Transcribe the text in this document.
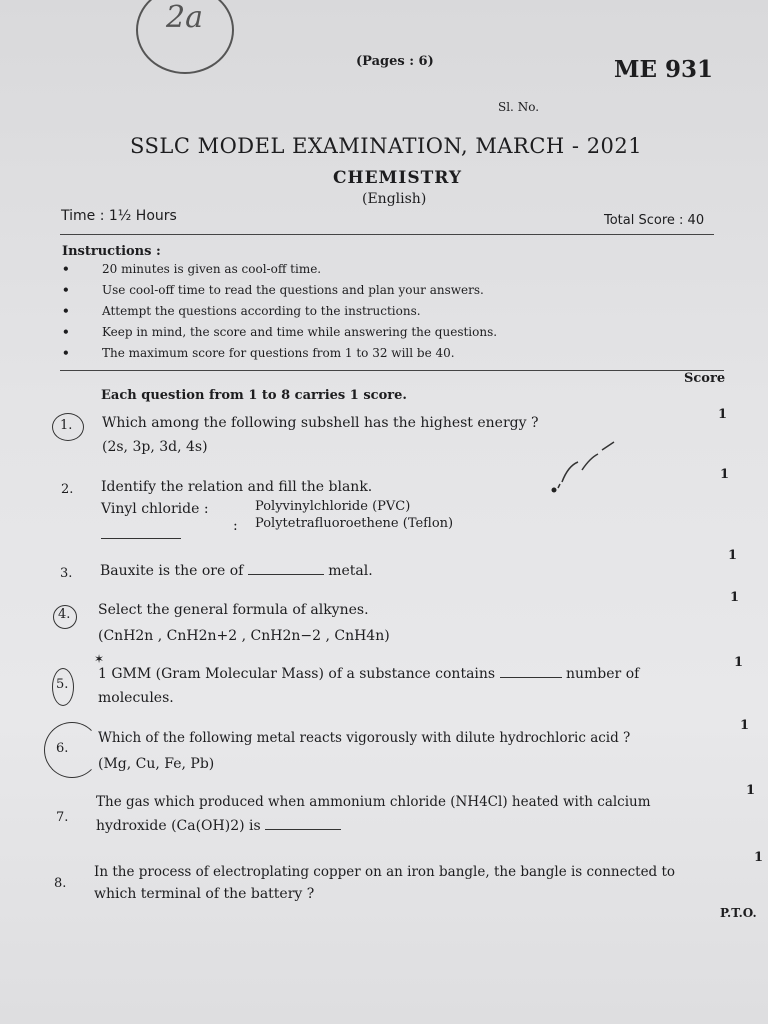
2a
(Pages : 6)	ME 931
Sl. No.
SSLC MODEL EXAMINATION, MARCH - 2021
CHEMISTRY
(English)
Time : 1½ Hours	Total Score : 40
Instructions :
•	20 minutes is given as cool-off time.
•	Use cool-off time to read the questions and plan your answers.
•	Attempt the questions according to the instructions.
•	Keep in mind, the score and time while answering the questions.
•	The maximum score for questions from 1 to 32 will be 40.
Score
Each question from 1 to 8 carries 1 score.
1. Which among the following subshell has the highest energy ?
(2s, 3p, 3d, 4s)
1
2. Identify the relation and fill the blank.
Vinyl chloride :	Polyvinylchloride (PVC)
: Polytetrafluoroethene (Teflon)
1
3. Bauxite is the ore of	metal.
1
4. Select the general formula of alkynes.
(CnH2n , CnH2n+2 , CnH2n−2 , CnH4n)
✶
1
5.
1 GMM (Gram Molecular Mass) of a substance contains	number of
molecules.
1
6.
Which of the following metal reacts vigorously with dilute hydrochloric acid ?
(Mg, Cu, Fe, Pb)
1
7.
The gas which produced when ammonium chloride (NH4Cl) heated with calcium
hydroxide (Ca(OH)2) is
1
8.
In the process of electroplating copper on an iron bangle, the bangle is connected to
which terminal of the battery ?
1
P.T.O.
